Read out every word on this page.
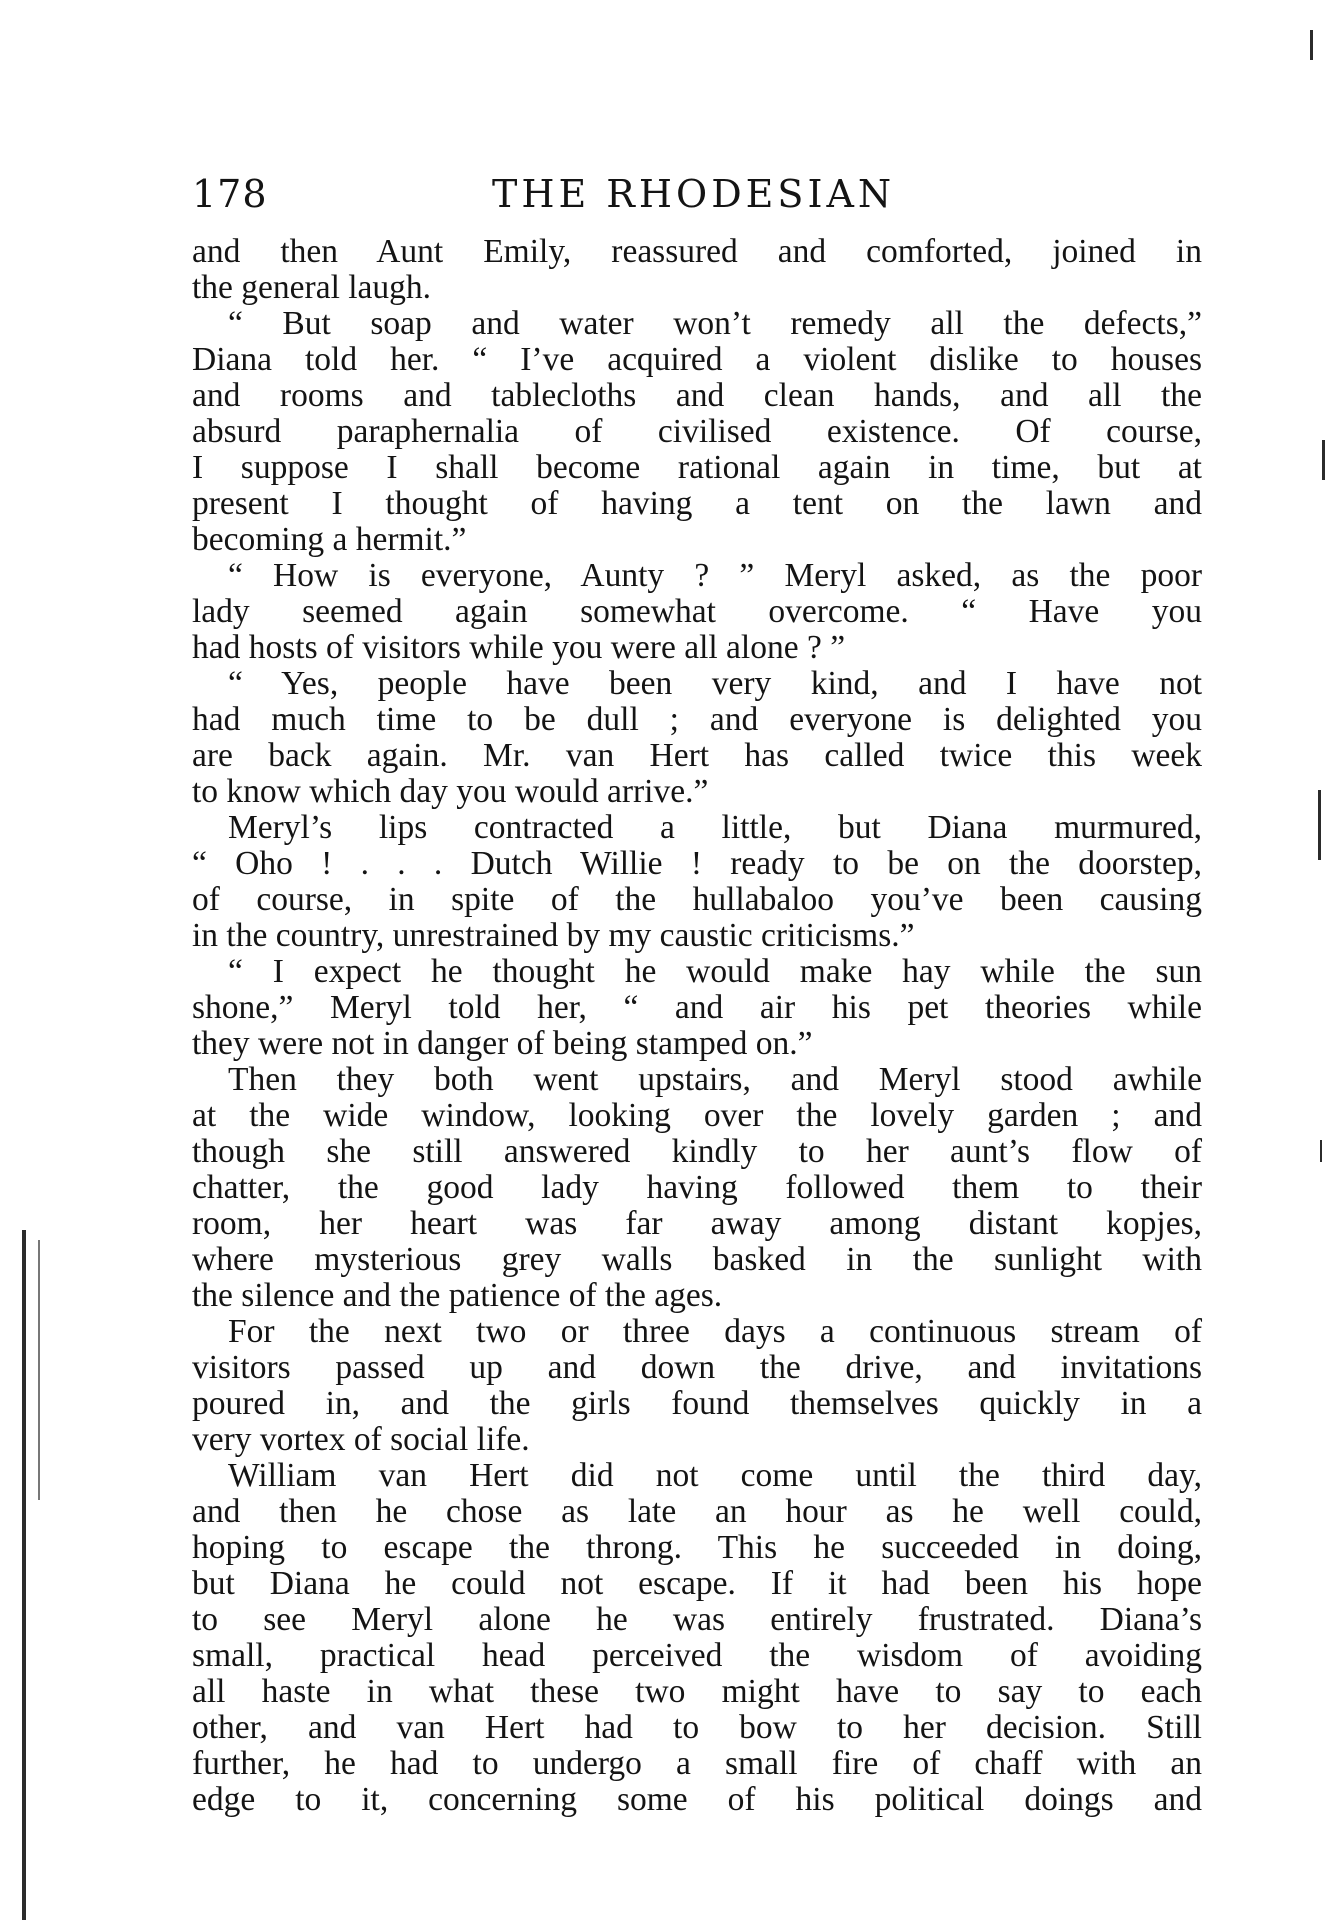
178	THE RHODESIAN
and then Aunt Emily, reassured and comforted, joined in
the general laugh.
“ But soap and water won’t remedy all the defects,”
Diana told her. “ I’ve acquired a violent dislike to houses
and rooms and tablecloths and clean hands, and all the
absurd paraphernalia of civilised existence. Of course,
I suppose I shall become rational again in time, but at
present I thought of having a tent on the lawn and
becoming a hermit.”
“ How is everyone, Aunty ? ” Meryl asked, as the poor
lady seemed again somewhat overcome. “ Have you
had hosts of visitors while you were all alone ? ”
“ Yes, people have been very kind, and I have not
had much time to be dull ; and everyone is delighted you
are back again. Mr. van Hert has called twice this week
to know which day you would arrive.”
Meryl’s lips contracted a little, but Diana murmured,
“ Oho ! . . . Dutch Willie ! ready to be on the doorstep,
of course, in spite of the hullabaloo you’ve been causing
in the country, unrestrained by my caustic criticisms.”
“ I expect he thought he would make hay while the sun
shone,” Meryl told her, “ and air his pet theories while
they were not in danger of being stamped on.”
Then they both went upstairs, and Meryl stood awhile
at the wide window, looking over the lovely garden ; and
though she still answered kindly to her aunt’s flow of
chatter, the good lady having followed them to their
room, her heart was far away among distant kopjes,
where mysterious grey walls basked in the sunlight with
the silence and the patience of the ages.
For the next two or three days a continuous stream of
visitors passed up and down the drive, and invitations
poured in, and the girls found themselves quickly in a
very vortex of social life.
William van Hert did not come until the third day,
and then he chose as late an hour as he well could,
hoping to escape the throng. This he succeeded in doing,
but Diana he could not escape. If it had been his hope
to see Meryl alone he was entirely frustrated. Diana’s
small, practical head perceived the wisdom of avoiding
all haste in what these two might have to say to each
other, and van Hert had to bow to her decision. Still
further, he had to undergo a small fire of chaff with an
edge to it, concerning some of his political doings and
